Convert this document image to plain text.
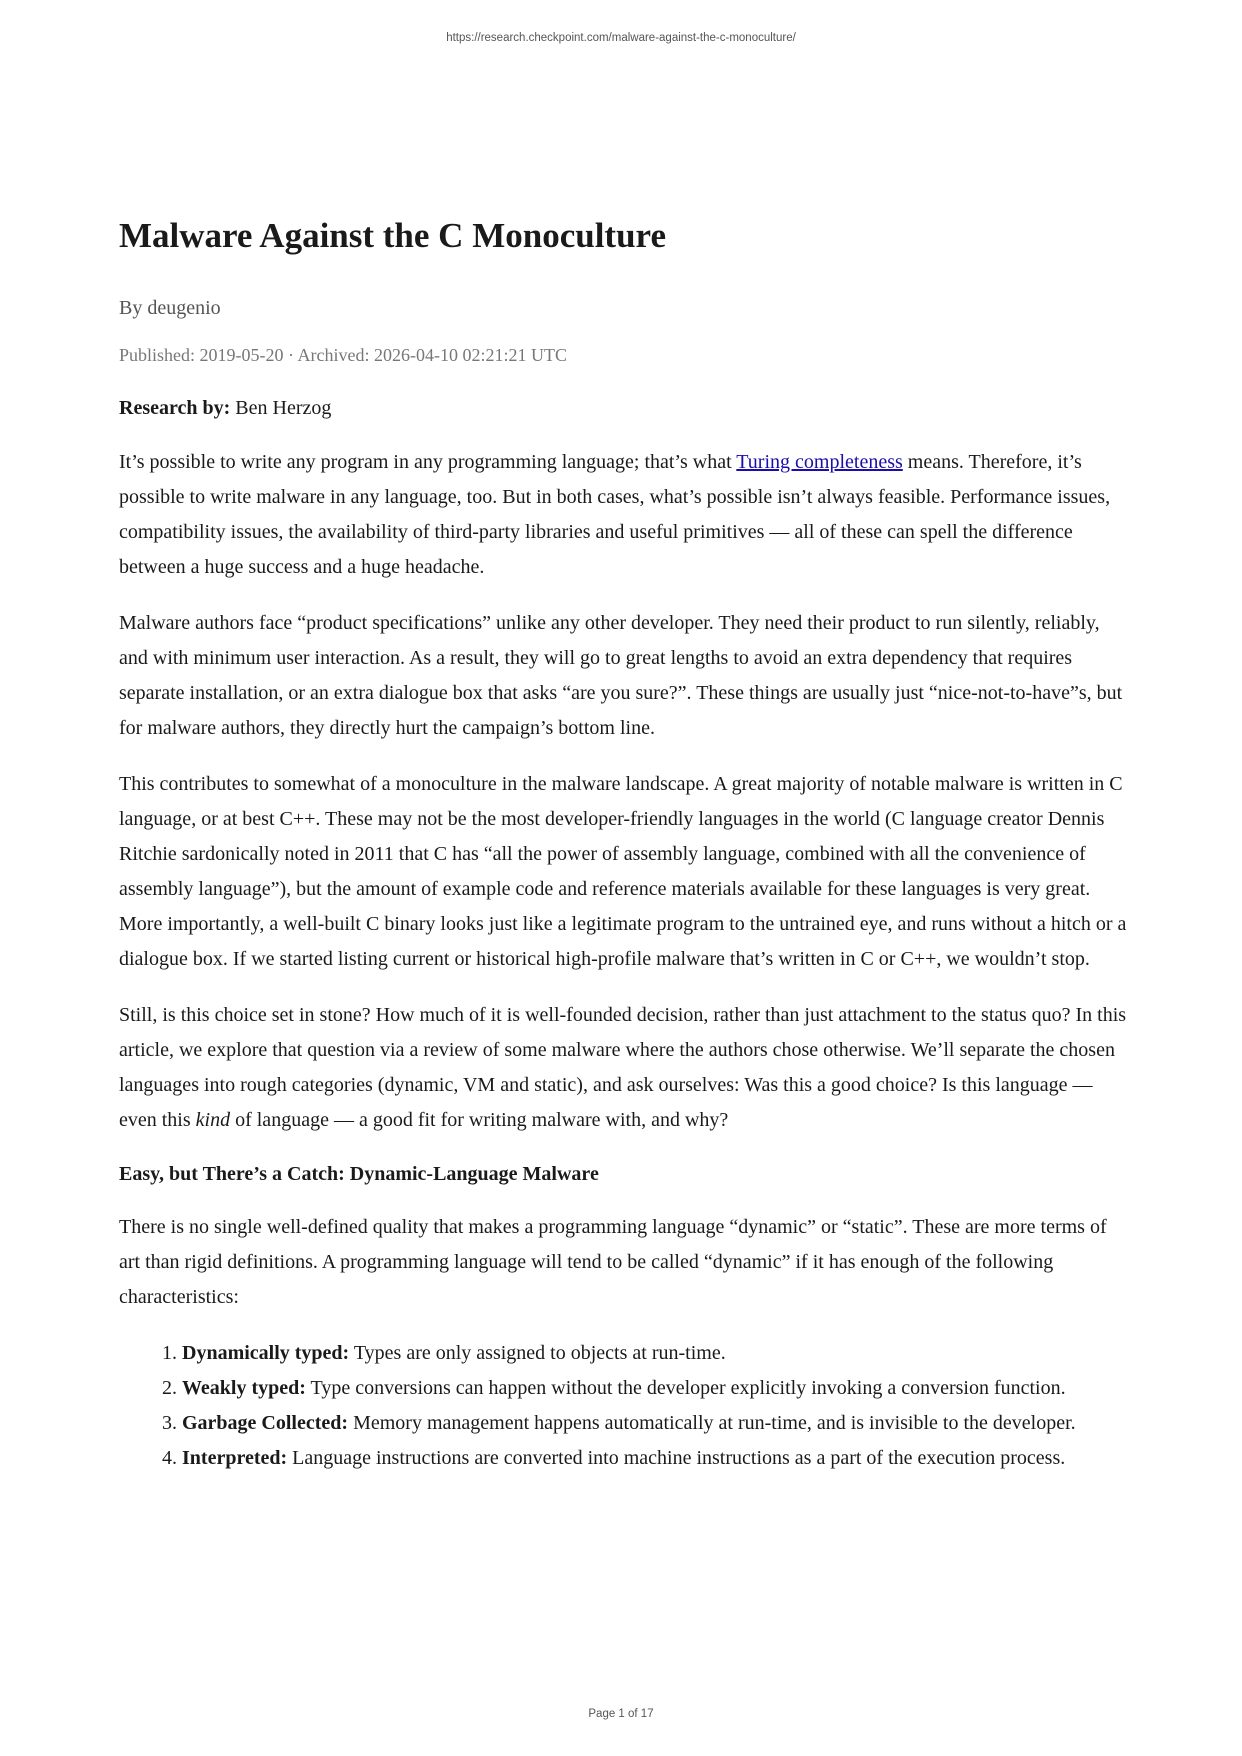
https://research.checkpoint.com/malware-against-the-c-monoculture/
Malware Against the C Monoculture
By deugenio
Published: 2019-05-20 · Archived: 2026-04-10 02:21:21 UTC

Research by: Ben Herzog

It’s possible to write any program in any programming language; that’s what Turing completeness means. Therefore, it’s possible to write malware in any language, too. But in both cases, what’s possible isn’t always feasible. Performance issues, compatibility issues, the availability of third-party libraries and useful primitives — all of these can spell the difference between a huge success and a huge headache.

Malware authors face “product specifications” unlike any other developer. They need their product to run silently, reliably, and with minimum user interaction. As a result, they will go to great lengths to avoid an extra dependency that requires separate installation, or an extra dialogue box that asks “are you sure?”. These things are usually just “nice-not-to-have”s, but for malware authors, they directly hurt the campaign’s bottom line.

This contributes to somewhat of a monoculture in the malware landscape. A great majority of notable malware is written in C language, or at best C++. These may not be the most developer-friendly languages in the world (C language creator Dennis Ritchie sardonically noted in 2011 that C has “all the power of assembly language, combined with all the convenience of assembly language”), but the amount of example code and reference materials available for these languages is very great. More importantly, a well-built C binary looks just like a legitimate program to the untrained eye, and runs without a hitch or a dialogue box. If we started listing current or historical high-profile malware that’s written in C or C++, we wouldn’t stop.

Still, is this choice set in stone? How much of it is well-founded decision, rather than just attachment to the status quo? In this article, we explore that question via a review of some malware where the authors chose otherwise. We’ll separate the chosen languages into rough categories (dynamic, VM and static), and ask ourselves: Was this a good choice? Is this language — even this kind of language — a good fit for writing malware with, and why?

Easy, but There’s a Catch: Dynamic-Language Malware

There is no single well-defined quality that makes a programming language “dynamic” or “static”. These are more terms of art than rigid definitions. A programming language will tend to be called “dynamic” if it has enough of the following characteristics:

1. Dynamically typed: Types are only assigned to objects at run-time.
2. Weakly typed: Type conversions can happen without the developer explicitly invoking a conversion function.
3. Garbage Collected: Memory management happens automatically at run-time, and is invisible to the developer.
4. Interpreted: Language instructions are converted into machine instructions as a part of the execution process.
Page 1 of 17
